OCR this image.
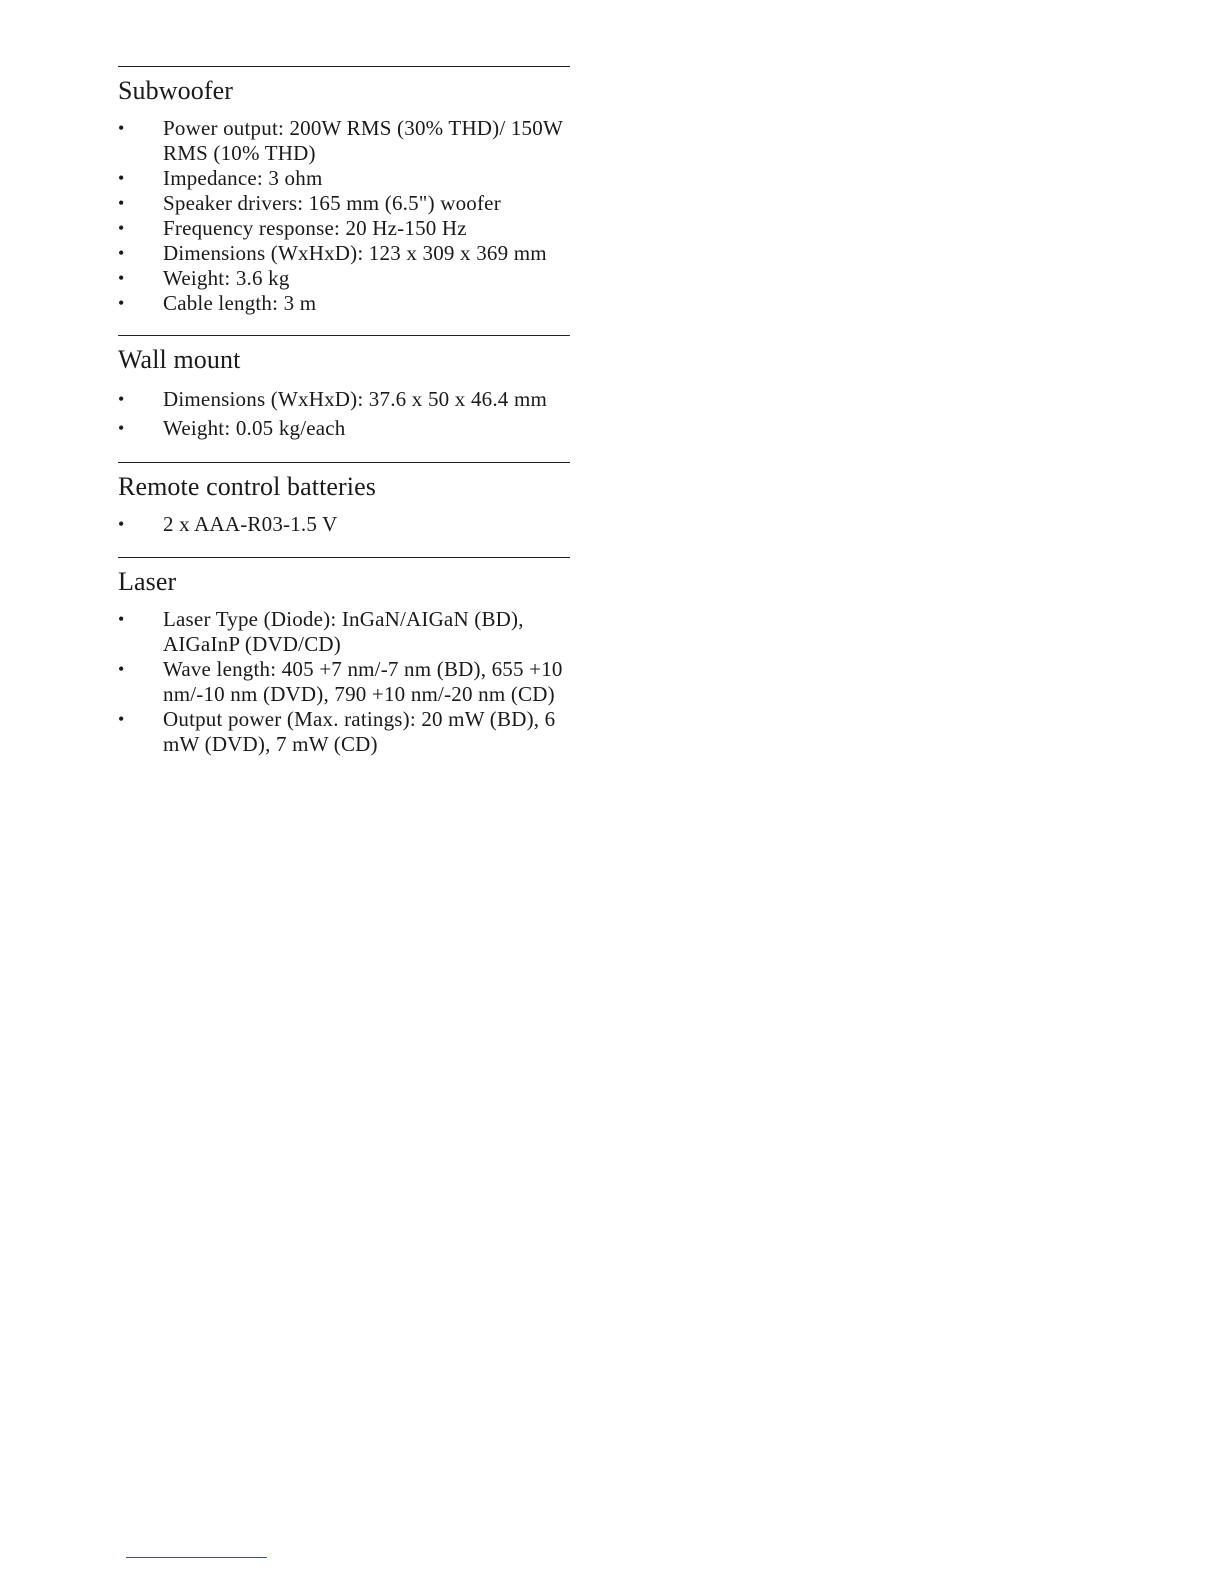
Subwoofer
• Power output: 200W RMS (30% THD)/ 150W RMS (10% THD)
• Impedance: 3 ohm
• Speaker drivers: 165 mm (6.5") woofer
• Frequency response: 20 Hz-150 Hz
• Dimensions (WxHxD): 123 x 309 x 369 mm
• Weight: 3.6 kg
• Cable length: 3 m
Wall mount
• Dimensions (WxHxD): 37.6 x 50 x 46.4 mm
• Weight: 0.05 kg/each
Remote control batteries
• 2 x AAA-R03-1.5 V
Laser
• Laser Type (Diode): InGaN/AIGaN (BD), AIGaInP (DVD/CD)
• Wave length: 405 +7 nm/-7 nm (BD), 655 +10 nm/-10 nm (DVD), 790 +10 nm/-20 nm (CD)
• Output power (Max. ratings): 20 mW (BD), 6 mW (DVD), 7 mW (CD)
